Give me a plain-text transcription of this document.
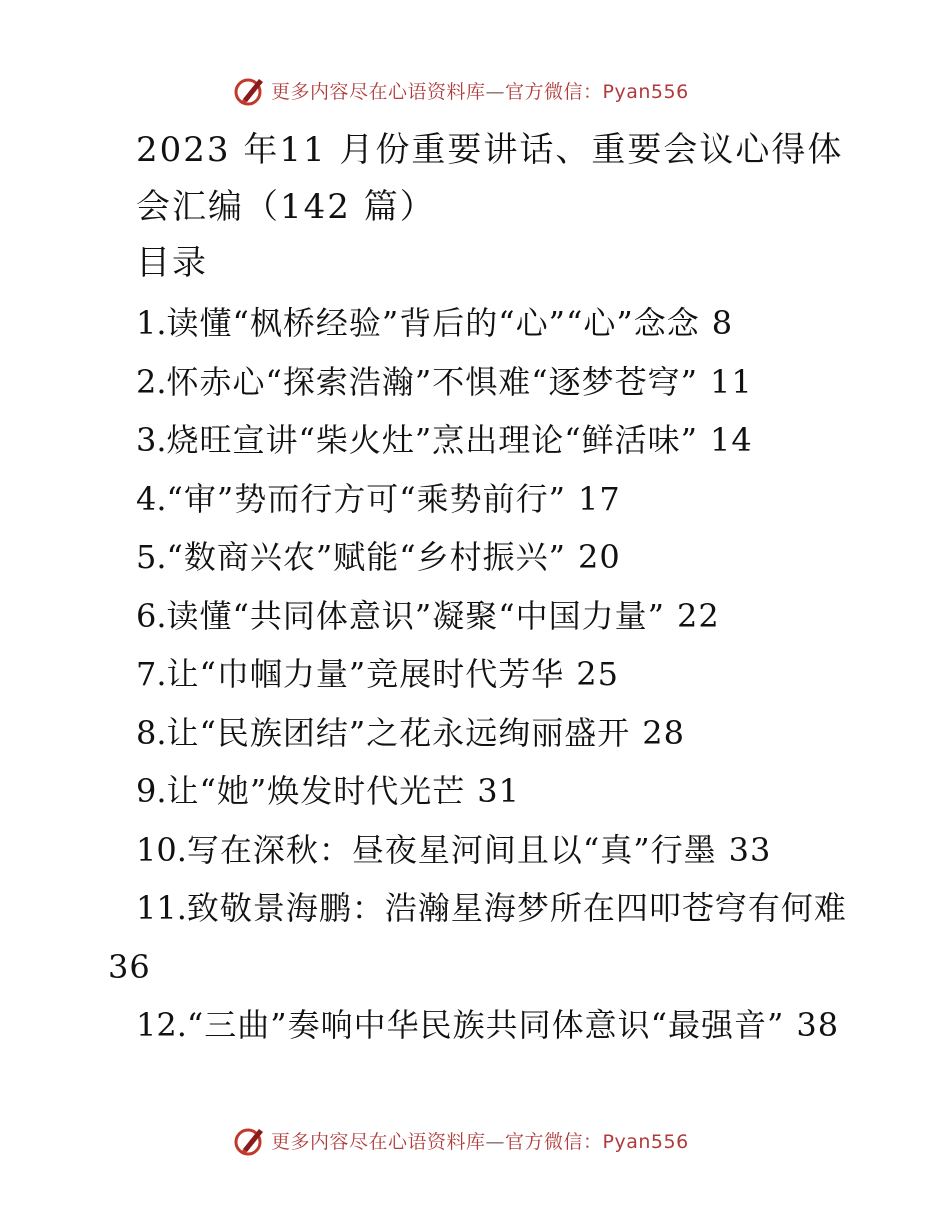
更多内容尽在心语资料库—官方微信：Pyan556
2023 年11 月份重要讲话、重要会议心得体会汇编（142 篇）
目录
1.读懂“枫桥经验”背后的“心”“心”念念 8
2.怀赤心“探索浩瀚”不惧难“逐梦苍穹” 11
3.烧旺宣讲“柴火灶”烹出理论“鲜活味” 14
4.“审”势而行方可“乘势前行” 17
5.“数商兴农”赋能“乡村振兴” 20
6.读懂“共同体意识”凝聚“中国力量” 22
7.让“巾帼力量”竞展时代芳华 25
8.让“民族团结”之花永远绚丽盛开 28
9.让“她”焕发时代光芒 31
10.写在深秋：昼夜星河间且以“真”行墨 33
11.致敬景海鹏：浩瀚星海梦所在四叩苍穹有何难36
12.“三曲”奏响中华民族共同体意识“最强音” 38
更多内容尽在心语资料库—官方微信：Pyan556
